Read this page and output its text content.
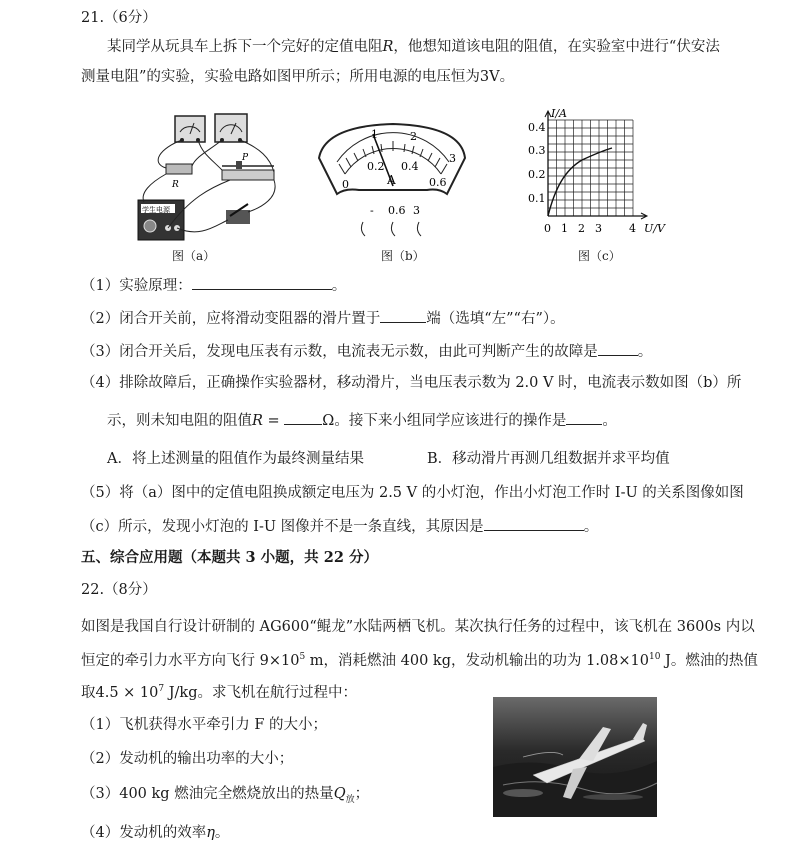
21.（6分）
某同学从玩具车上拆下一个完好的定值电阻R，他想知道该电阻的阻值，在实验室中进行“伏安法
测量电阻”的实验，实验电路如图甲所示；所用电源的电压恒为3V。
R
P
学生电源
图（a）
1	2
3
0
0.2 0.4
0.6
A
- 0.6 3
图（b）
I/A
U/V
0.1
0.2
0.3
0.4
0 1 2 3 4
图（c）
（1）实验原理：	。
（2）闭合开关前，应将滑动变阻器的滑片置于	端（选填“左”“右”）。
（3）闭合开关后，发现电压表有示数，电流表无示数，由此可判断产生的故障是	。
（4）排除故障后，正确操作实验器材，移动滑片，当电压表示数为 2.0 V 时，电流表示数如图（b）所
示，则未知电阻的阻值R =	Ω。接下来小组同学应该进行的操作是 。
A．将上述测量的阻值作为最终测量结果	B．移动滑片再测几组数据并求平均值
（5）将（a）图中的定值电阻换成额定电压为 2.5 V 的小灯泡，作出小灯泡工作时 I-U 的关系图像如图
（c）所示，发现小灯泡的 I-U 图像并不是一条直线，其原因是	。
五、综合应用题（本题共 3 小题，共 22 分）
22.（8分）
如图是我国自行设计研制的 AG600“鲲龙”水陆两栖飞机。某次执行任务的过程中，该飞机在 3600s 内以
恒定的牵引力水平方向飞行 $9\times 10^5$ m，消耗燃油 400 kg，发动机输出的功为 $1.08\times 10^{10}$ J。燃油的热值
取$4.5 \times 10^7$ J/kg。求飞机在航行过程中：
（1）飞机获得水平牵引力 F 的大小；
（2）发动机的输出功率的大小；
（3）400 kg 燃油完全燃烧放出的热量$Q_放$；
（4）发动机的效率η。
